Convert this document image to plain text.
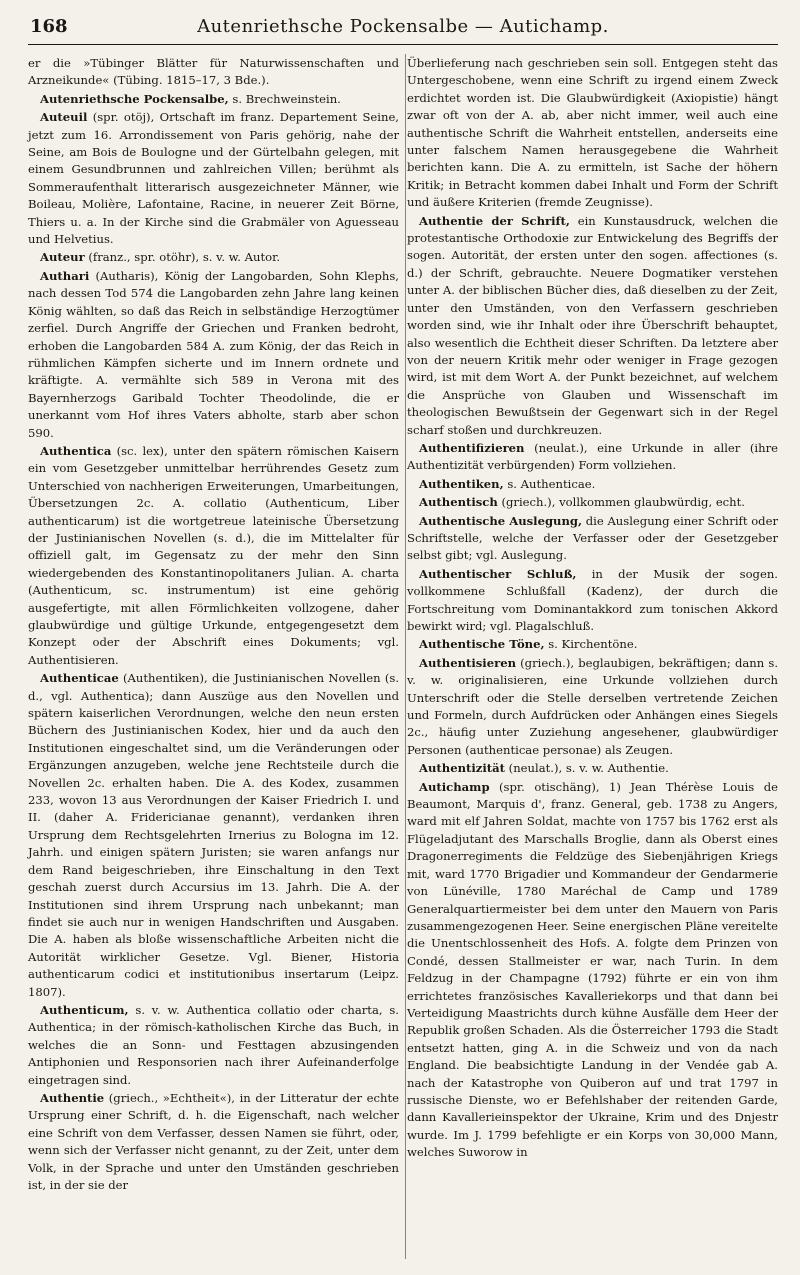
168	Autenriethsche Pockensalbe — Autichamp.

er die »Tübinger Blätter für Naturwissenschaften und Arzneikunde« (Tübing. 1815–17, 3 Bde.).

Autenriethsche Pockensalbe, s. Brechweinstein.

Auteuil (spr. otöj), Ortschaft im franz. Departement Seine, jetzt zum 16. Arrondissement von Paris gehörig, nahe der Seine, am Bois de Boulogne und der Gürtelbahn gelegen, mit einem Gesundbrunnen und zahlreichen Villen; berühmt als Sommeraufenthalt litterarisch ausgezeichneter Männer, wie Boileau, Molière, Lafontaine, Racine, in neuerer Zeit Börne, Thiers u. a. In der Kirche sind die Grabmäler von Aguesseau und Helvetius.

Auteur (franz., spr. otöhr), s. v. w. Autor.

Authari (Autharis), König der Langobarden, Sohn Klephs, nach dessen Tod 574 die Langobarden zehn Jahre lang keinen König wählten, so daß das Reich in selbständige Herzogtümer zerfiel. Durch Angriffe der Griechen und Franken bedroht, erhoben die Langobarden 584 A. zum König, der das Reich in rühmlichen Kämpfen sicherte und im Innern ordnete und kräftigte. A. vermählte sich 589 in Verona mit des Bayernherzogs Garibald Tochter Theodolinde, die er unerkannt vom Hof ihres Vaters abholte, starb aber schon 590.

Authentica (sc. lex), unter den spätern römischen Kaisern ein vom Gesetzgeber unmittelbar herrührendes Gesetz zum Unterschied von nachherigen Erweiterungen, Umarbeitungen, Übersetzungen 2c. A. collatio (Authenticum, Liber authenticarum) ist die wortgetreue lateinische Übersetzung der Justinianischen Novellen (s. d.), die im Mittelalter für offiziell galt, im Gegensatz zu der mehr den Sinn wiedergebenden des Konstantinopolitaners Julian. A. charta (Authenticum, sc. instrumentum) ist eine gehörig ausgefertigte, mit allen Förmlichkeiten vollzogene, daher glaubwürdige und gültige Urkunde, entgegengesetzt dem Konzept oder der Abschrift eines Dokuments; vgl. Authentisieren.

Authenticae (Authentiken), die Justinianischen Novellen (s. d., vgl. Authentica); dann Auszüge aus den Novellen und spätern kaiserlichen Verordnungen, welche den neun ersten Büchern des Justinianischen Kodex, hier und da auch den Institutionen eingeschaltet sind, um die Veränderungen oder Ergänzungen anzugeben, welche jene Rechtsteile durch die Novellen 2c. erhalten haben. Die A. des Kodex, zusammen 233, wovon 13 aus Verordnungen der Kaiser Friedrich I. und II. (daher A. Fridericianae genannt), verdanken ihren Ursprung dem Rechtsgelehrten Irnerius zu Bologna im 12. Jahrh. und einigen spätern Juristen; sie waren anfangs nur dem Rand beigeschrieben, ihre Einschaltung in den Text geschah zuerst durch Accursius im 13. Jahrh. Die A. der Institutionen sind ihrem Ursprung nach unbekannt; man findet sie auch nur in wenigen Handschriften und Ausgaben. Die A. haben als bloße wissenschaftliche Arbeiten nicht die Autorität wirklicher Gesetze. Vgl. Biener, Historia authenticarum codici et institutionibus insertarum (Leipz. 1807).

Authenticum, s. v. w. Authentica collatio oder charta, s. Authentica; in der römisch-katholischen Kirche das Buch, in welches die an Sonn- und Festtagen abzusingenden Antiphonien und Responsorien nach ihrer Aufeinanderfolge eingetragen sind.

Authentie (griech., »Echtheit«), in der Litteratur der echte Ursprung einer Schrift, d. h. die Eigenschaft, nach welcher eine Schrift von dem Verfasser, dessen Namen sie führt, oder, wenn sich der Verfasser nicht genannt, zu der Zeit, unter dem Volk, in der Sprache und unter den Umständen geschrieben ist, in der sie der

Überlieferung nach geschrieben sein soll. Entgegen steht das Untergeschobene, wenn eine Schrift zu irgend einem Zweck erdichtet worden ist. Die Glaubwürdigkeit (Axiopistie) hängt zwar oft von der A. ab, aber nicht immer, weil auch eine authentische Schrift die Wahrheit entstellen, anderseits eine unter falschem Namen herausgegebene die Wahrheit berichten kann. Die A. zu ermitteln, ist Sache der höhern Kritik; in Betracht kommen dabei Inhalt und Form der Schrift und äußere Kriterien (fremde Zeugnisse).

Authentie der Schrift, ein Kunstausdruck, welchen die protestantische Orthodoxie zur Entwickelung des Begriffs der sogen. Autorität, der ersten unter den sogen. affectiones (s. d.) der Schrift, gebrauchte. Neuere Dogmatiker verstehen unter A. der biblischen Bücher dies, daß dieselben zu der Zeit, unter den Umständen, von den Verfassern geschrieben worden sind, wie ihr Inhalt oder ihre Überschrift behauptet, also wesentlich die Echtheit dieser Schriften. Da letztere aber von der neuern Kritik mehr oder weniger in Frage gezogen wird, ist mit dem Wort A. der Punkt bezeichnet, auf welchem die Ansprüche von Glauben und Wissenschaft im theologischen Bewußtsein der Gegenwart sich in der Regel scharf stoßen und durchkreuzen.

Authentifizieren (neulat.), eine Urkunde in aller (ihre Authentizität verbürgenden) Form vollziehen.

Authentiken, s. Authenticae.

Authentisch (griech.), vollkommen glaubwürdig, echt.

Authentische Auslegung, die Auslegung einer Schrift oder Schriftstelle, welche der Verfasser oder der Gesetzgeber selbst gibt; vgl. Auslegung.

Authentischer Schluß, in der Musik der sogen. vollkommene Schlußfall (Kadenz), der durch die Fortschreitung vom Dominantakkord zum tonischen Akkord bewirkt wird; vgl. Plagalschluß.

Authentische Töne, s. Kirchentöne.

Authentisieren (griech.), beglaubigen, bekräftigen; dann s. v. w. originalisieren, eine Urkunde vollziehen durch Unterschrift oder die Stelle derselben vertretende Zeichen und Formeln, durch Aufdrücken oder Anhängen eines Siegels 2c., häufig unter Zuziehung angesehener, glaubwürdiger Personen (authenticae personae) als Zeugen.

Authentizität (neulat.), s. v. w. Authentie.

Autichamp (spr. otischäng), 1) Jean Thérèse Louis de Beaumont, Marquis d', franz. General, geb. 1738 zu Angers, ward mit elf Jahren Soldat, machte von 1757 bis 1762 erst als Flügeladjutant des Marschalls Broglie, dann als Oberst eines Dragonerregiments die Feldzüge des Siebenjährigen Kriegs mit, ward 1770 Brigadier und Kommandeur der Gendarmerie von Lünéville, 1780 Maréchal de Camp und 1789 Generalquartiermeister bei dem unter den Mauern von Paris zusammengezogenen Heer. Seine energischen Pläne vereitelte die Unentschlossenheit des Hofs. A. folgte dem Prinzen von Condé, dessen Stallmeister er war, nach Turin. In dem Feldzug in der Champagne (1792) führte er ein von ihm errichtetes französisches Kavalleriekorps und that dann bei Verteidigung Maastrichts durch kühne Ausfälle dem Heer der Republik großen Schaden. Als die Österreicher 1793 die Stadt entsetzt hatten, ging A. in die Schweiz und von da nach England. Die beabsichtigte Landung in der Vendée gab A. nach der Katastrophe von Quiberon auf und trat 1797 in russische Dienste, wo er Befehlshaber der reitenden Garde, dann Kavallerieinspektor der Ukraine, Krim und des Dnjestr wurde. Im J. 1799 befehligte er ein Korps von 30,000 Mann, welches Suworow in
